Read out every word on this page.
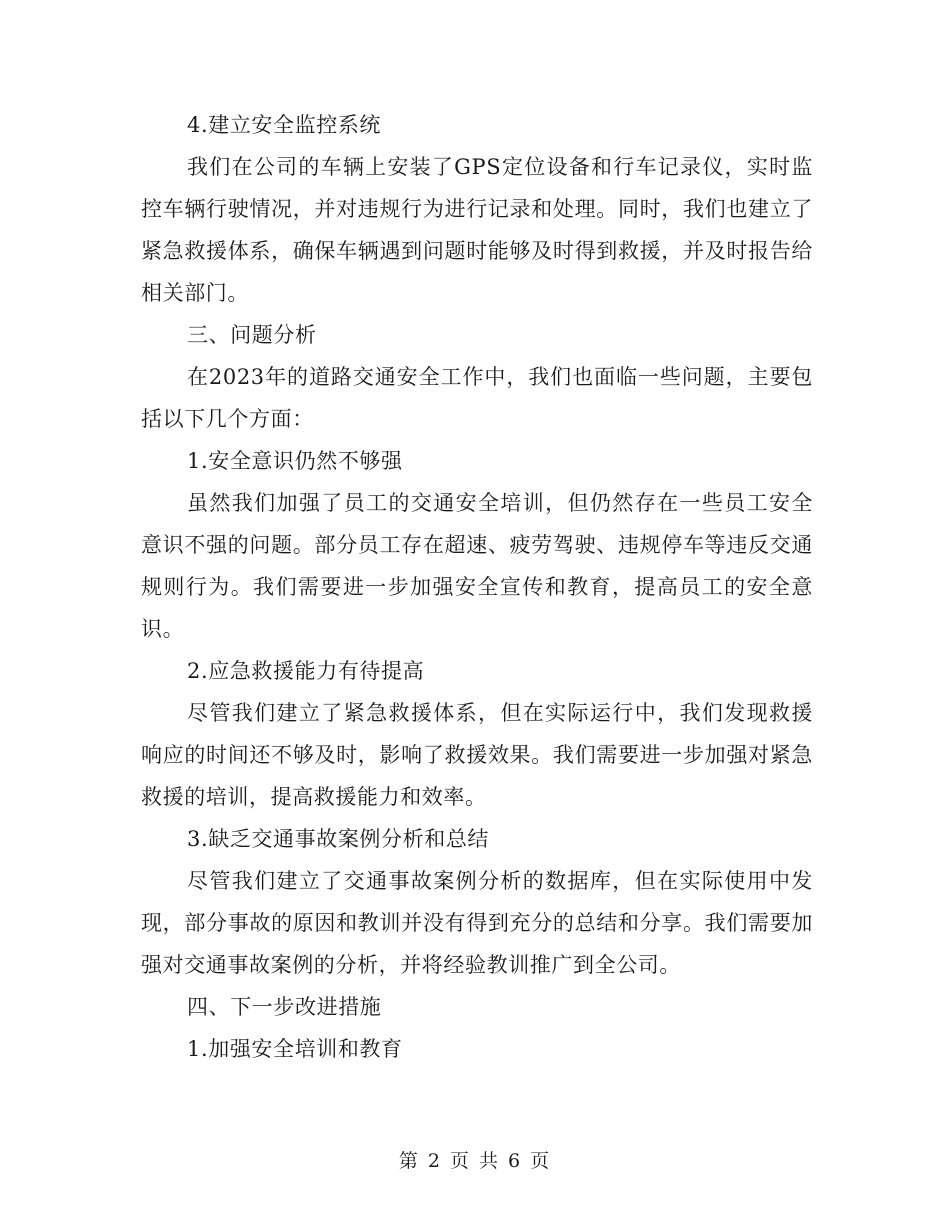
4.建立安全监控系统

我们在公司的车辆上安装了GPS定位设备和行车记录仪，实时监控车辆行驶情况，并对违规行为进行记录和处理。同时，我们也建立了紧急救援体系，确保车辆遇到问题时能够及时得到救援，并及时报告给相关部门。

三、问题分析

在2023年的道路交通安全工作中，我们也面临一些问题，主要包括以下几个方面：

1.安全意识仍然不够强

虽然我们加强了员工的交通安全培训，但仍然存在一些员工安全意识不强的问题。部分员工存在超速、疲劳驾驶、违规停车等违反交通规则行为。我们需要进一步加强安全宣传和教育，提高员工的安全意识。

2.应急救援能力有待提高

尽管我们建立了紧急救援体系，但在实际运行中，我们发现救援响应的时间还不够及时，影响了救援效果。我们需要进一步加强对紧急救援的培训，提高救援能力和效率。

3.缺乏交通事故案例分析和总结

尽管我们建立了交通事故案例分析的数据库，但在实际使用中发现，部分事故的原因和教训并没有得到充分的总结和分享。我们需要加强对交通事故案例的分析，并将经验教训推广到全公司。

四、下一步改进措施

1.加强安全培训和教育

第 2 页 共 6 页
